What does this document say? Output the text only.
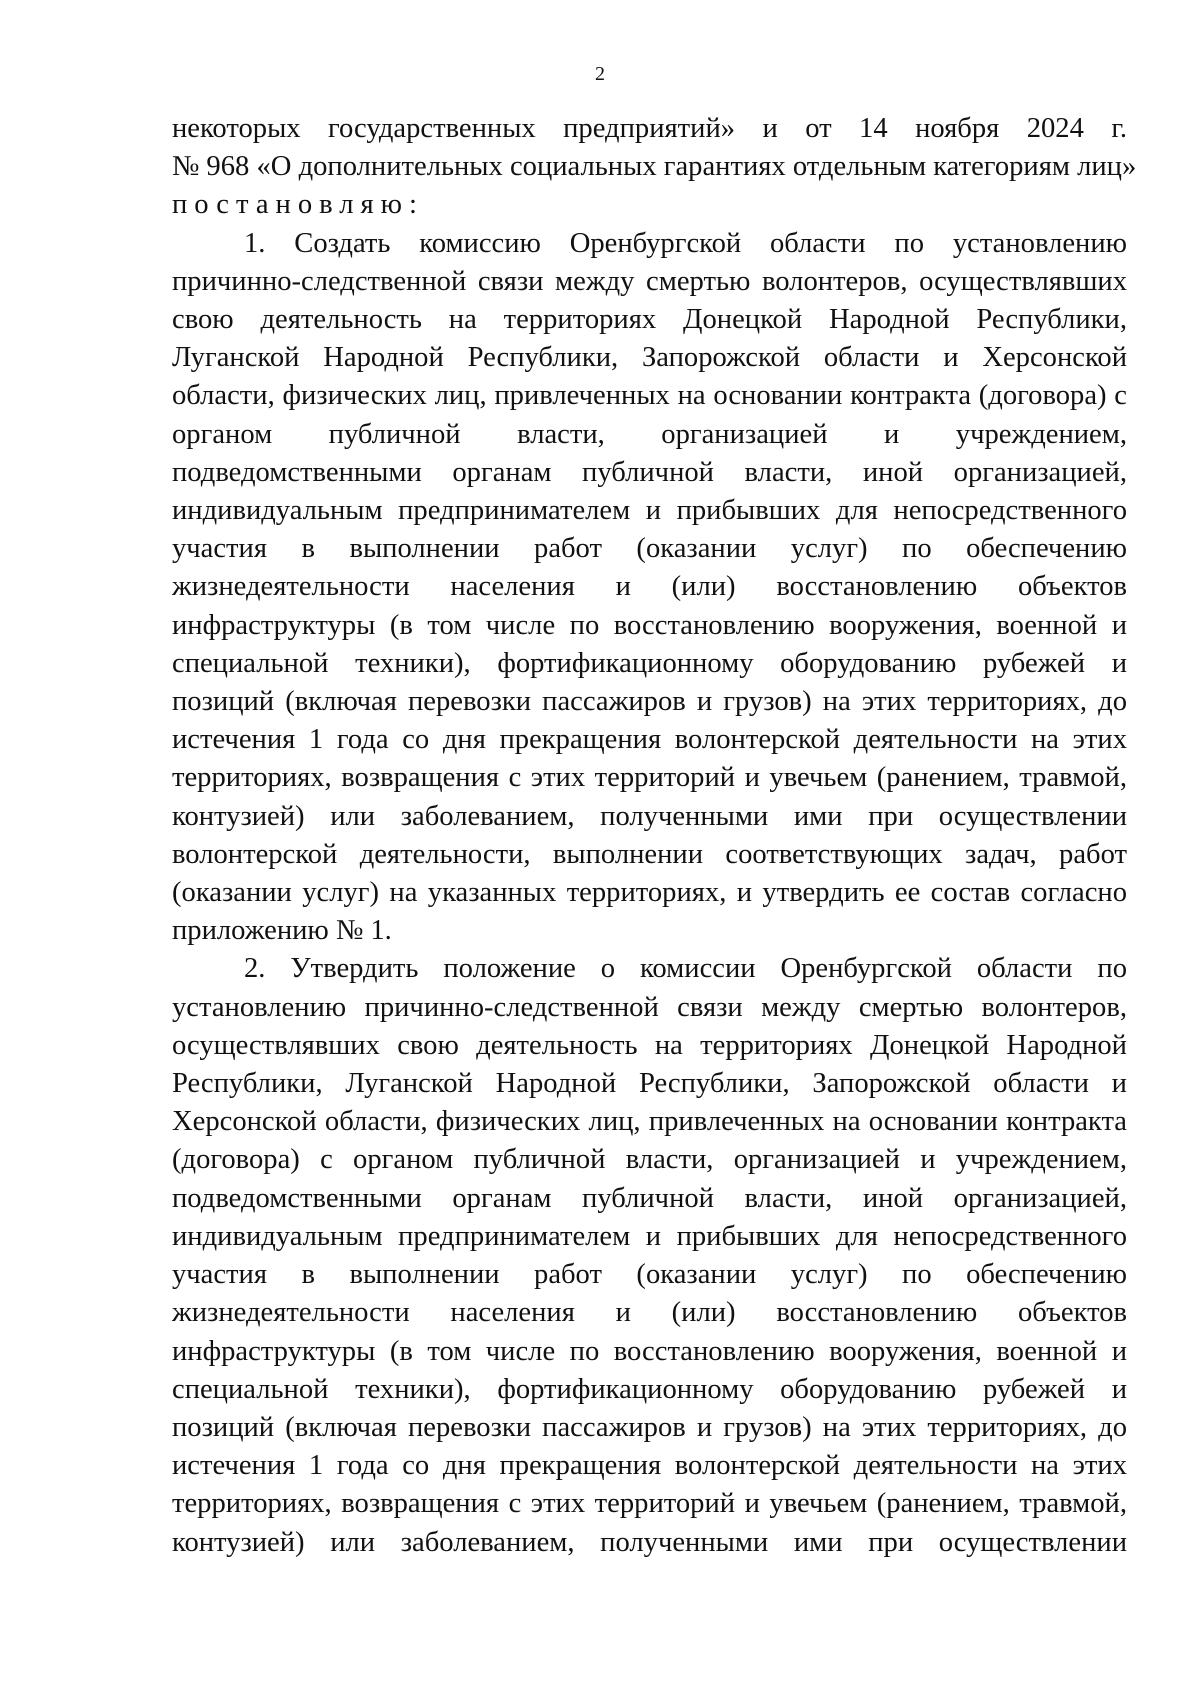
2
некоторых государственных предприятий» и от 14 ноября 2024 г.
№ 968 «О дополнительных социальных гарантиях отдельным категориям лиц»
постановляю:
1. Создать комиссию Оренбургской области по установлению
причинно-следственной связи между смертью волонтеров, осуществлявших
свою деятельность на территориях Донецкой Народной Республики,
Луганской Народной Республики, Запорожской области и Херсонской
области, физических лиц, привлеченных на основании контракта (договора) с
органом публичной власти, организацией и учреждением,
подведомственными органам публичной власти, иной организацией,
индивидуальным предпринимателем и прибывших для непосредственного
участия в выполнении работ (оказании услуг) по обеспечению
жизнедеятельности населения и (или) восстановлению объектов
инфраструктуры (в том числе по восстановлению вооружения, военной и
специальной техники), фортификационному оборудованию рубежей и
позиций (включая перевозки пассажиров и грузов) на этих территориях, до
истечения 1 года со дня прекращения волонтерской деятельности на этих
территориях, возвращения с этих территорий и увечьем (ранением, травмой,
контузией) или заболеванием, полученными ими при осуществлении
волонтерской деятельности, выполнении соответствующих задач, работ
(оказании услуг) на указанных территориях, и утвердить ее состав согласно
приложению № 1.
2. Утвердить положение о комиссии Оренбургской области по
установлению причинно-следственной связи между смертью волонтеров,
осуществлявших свою деятельность на территориях Донецкой Народной
Республики, Луганской Народной Республики, Запорожской области и
Херсонской области, физических лиц, привлеченных на основании контракта
(договора) с органом публичной власти, организацией и учреждением,
подведомственными органам публичной власти, иной организацией,
индивидуальным предпринимателем и прибывших для непосредственного
участия в выполнении работ (оказании услуг) по обеспечению
жизнедеятельности населения и (или) восстановлению объектов
инфраструктуры (в том числе по восстановлению вооружения, военной и
специальной техники), фортификационному оборудованию рубежей и
позиций (включая перевозки пассажиров и грузов) на этих территориях, до
истечения 1 года со дня прекращения волонтерской деятельности на этих
территориях, возвращения с этих территорий и увечьем (ранением, травмой,
контузией) или заболеванием, полученными ими при осуществлении
